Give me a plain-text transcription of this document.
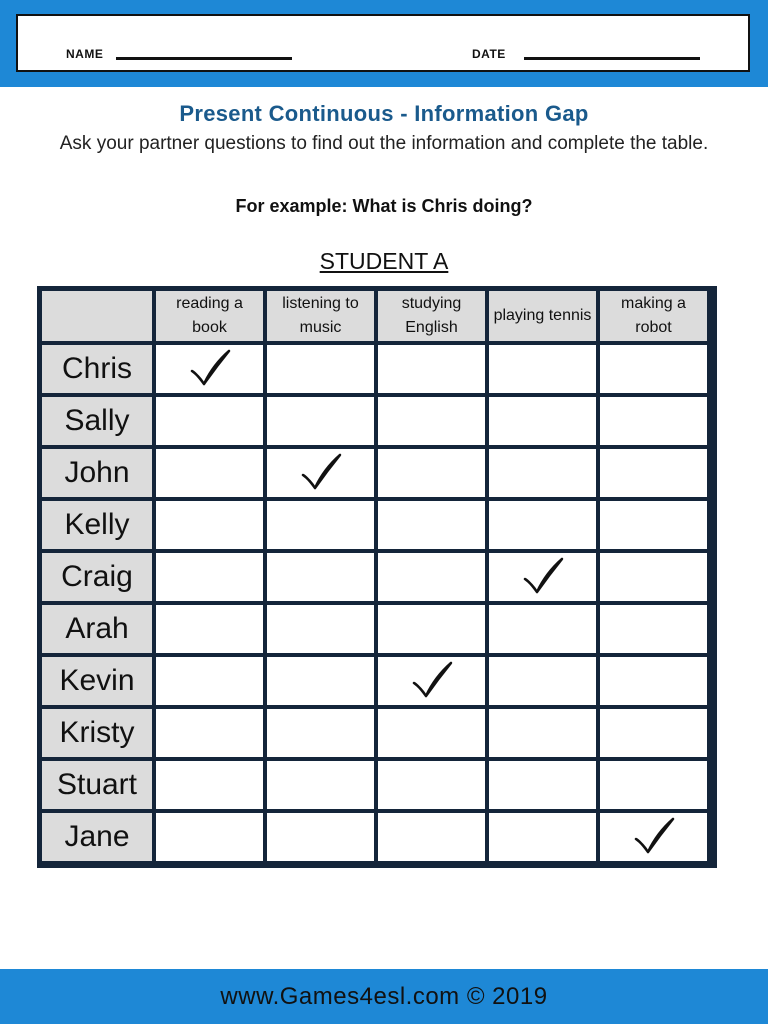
NAME	DATE
Present Continuous - Information Gap
Ask your partner questions to find out the information and complete the table.
For example: What is Chris doing?
STUDENT A
reading a book
listening to music
studying English
playing tennis
making a robot
Chris
Sally
John
Kelly
Craig
Arah
Kevin
Kristy
Stuart
Jane
www.Games4esl.com © 2019
